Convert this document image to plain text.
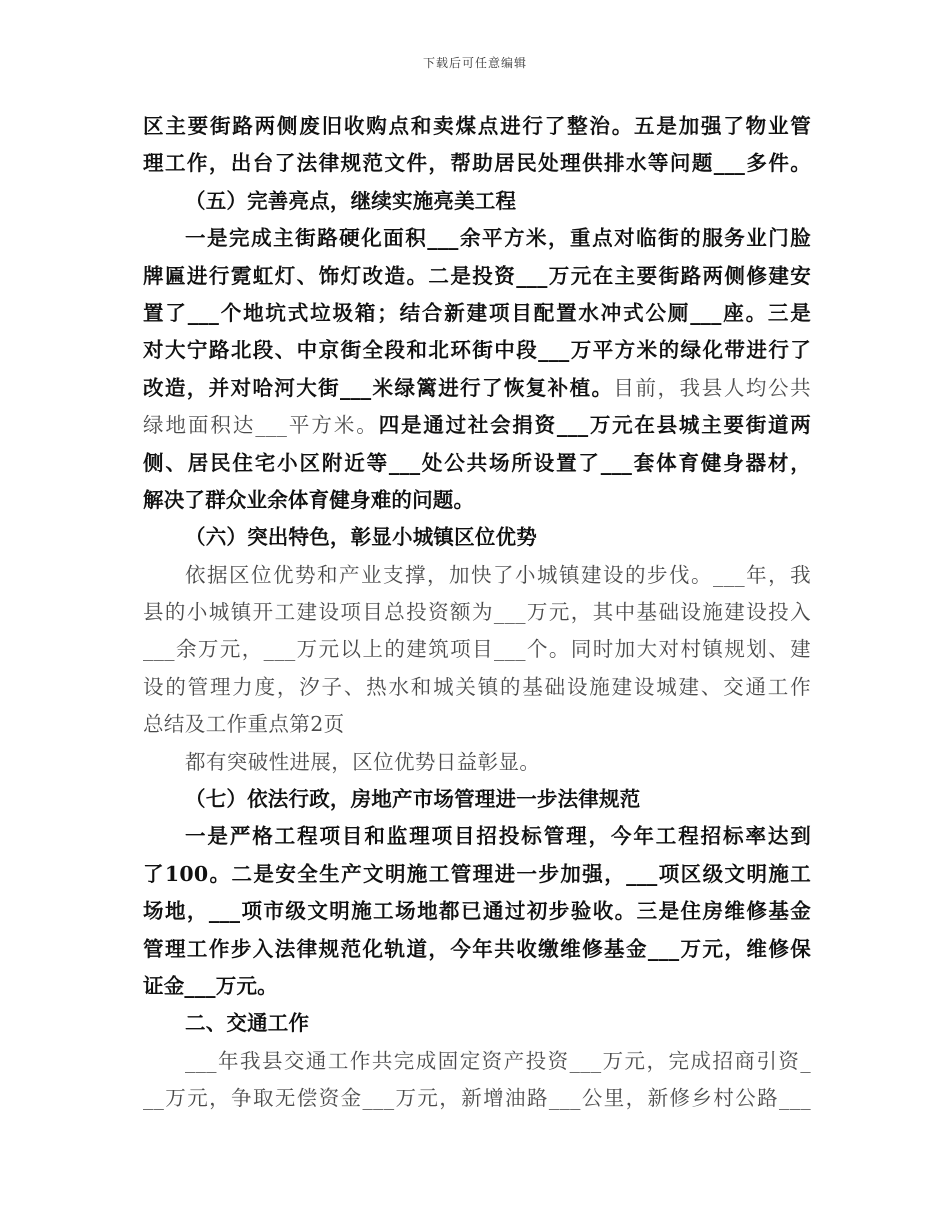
下载后可任意编辑
区主要街路两侧废旧收购点和卖煤点进行了整治。五是加强了物业管
理工作，出台了法律规范文件，帮助居民处理供排水等问题___多件。
（五）完善亮点，继续实施亮美工程
一是完成主街路硬化面积___余平方米，重点对临街的服务业门脸
牌匾进行霓虹灯、饰灯改造。二是投资___万元在主要街路两侧修建安
置了___个地坑式垃圾箱；结合新建项目配置水冲式公厕___座。三是
对大宁路北段、中京街全段和北环街中段___万平方米的绿化带进行了
改造，并对哈河大街___米绿篱进行了恢复补植。目前，我县人均公共
绿地面积达___平方米。四是通过社会捐资___万元在县城主要街道两
侧、居民住宅小区附近等___处公共场所设置了___套体育健身器材，
解决了群众业余体育健身难的问题。
（六）突出特色，彰显小城镇区位优势
依据区位优势和产业支撑，加快了小城镇建设的步伐。___年，我
县的小城镇开工建设项目总投资额为___万元，其中基础设施建设投入
___余万元，___万元以上的建筑项目___个。同时加大对村镇规划、建
设的管理力度，汐子、热水和城关镇的基础设施建设城建、交通工作
总结及工作重点第2页
都有突破性进展，区位优势日益彰显。
（七）依法行政，房地产市场管理进一步法律规范
一是严格工程项目和监理项目招投标管理，今年工程招标率达到
了100。二是安全生产文明施工管理进一步加强，___项区级文明施工
场地，___项市级文明施工场地都已通过初步验收。三是住房维修基金
管理工作步入法律规范化轨道，今年共收缴维修基金___万元，维修保
证金___万元。
二、交通工作
___年我县交通工作共完成固定资产投资___万元，完成招商引资_
__万元，争取无偿资金___万元，新增油路___公里，新修乡村公路___
